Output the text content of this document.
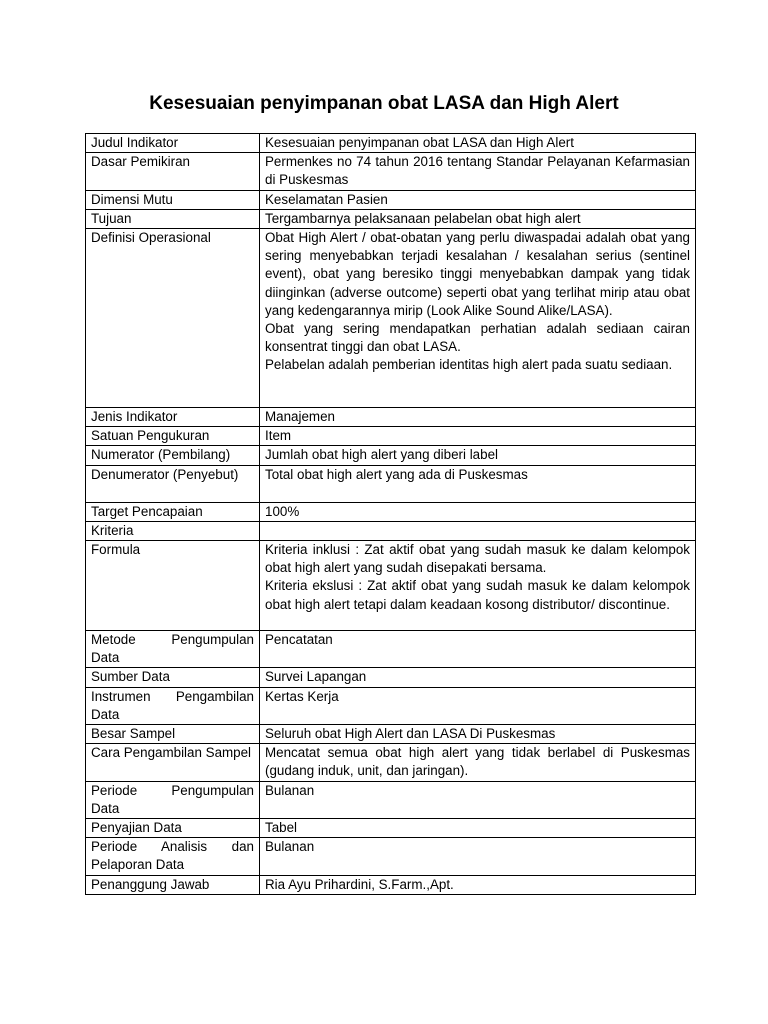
Kesesuaian penyimpanan obat LASA dan High Alert
Judul Indikator	Kesesuaian penyimpanan obat LASA dan High Alert

Dasar Pemikiran	Permenkes no 74 tahun 2016 tentang Standar Pelayanan Kefarmasian di Puskesmas

Dimensi Mutu	Keselamatan Pasien

Tujuan	Tergambarnya pelaksanaan pelabelan obat high alert

Definisi Operasional	Obat High Alert / obat-obatan yang perlu diwaspadai adalah obat yang sering menyebabkan terjadi kesalahan / kesalahan serius (sentinel event), obat yang beresiko tinggi menyebabkan dampak yang tidak diinginkan (adverse outcome) seperti obat yang terlihat mirip atau obat yang kedengarannya mirip (Look Alike Sound Alike/LASA).

Obat yang sering mendapatkan perhatian adalah sediaan cairan konsentrat tinggi dan obat LASA.

Pelabelan adalah pemberian identitas high alert pada suatu sediaan.

Jenis Indikator	Manajemen

Satuan Pengukuran	Item

Numerator (Pembilang)	Jumlah obat high alert yang diberi label

Denumerator (Penyebut)	Total obat high alert yang ada di Puskesmas

Target Pencapaian	100%

Kriteria	

Formula	Kriteria inklusi : Zat aktif obat yang sudah masuk ke dalam kelompok obat high alert yang sudah disepakati bersama.

Kriteria ekslusi : Zat aktif obat yang sudah masuk ke dalam kelompok obat high alert tetapi dalam keadaan kosong distributor/ discontinue.

Metode Pengumpulan Data	Pencatatan

Sumber Data	Survei Lapangan

Instrumen Pengambilan Data	Kertas Kerja

Besar Sampel	Seluruh obat High Alert dan LASA Di Puskesmas

Cara Pengambilan Sampel	Mencatat semua obat high alert yang tidak berlabel di Puskesmas (gudang induk, unit, dan jaringan).

Periode Pengumpulan Data	Bulanan

Penyajian Data	Tabel

Periode Analisis dan Pelaporan Data	Bulanan

Penanggung Jawab	Ria Ayu Prihardini, S.Farm.,Apt.
